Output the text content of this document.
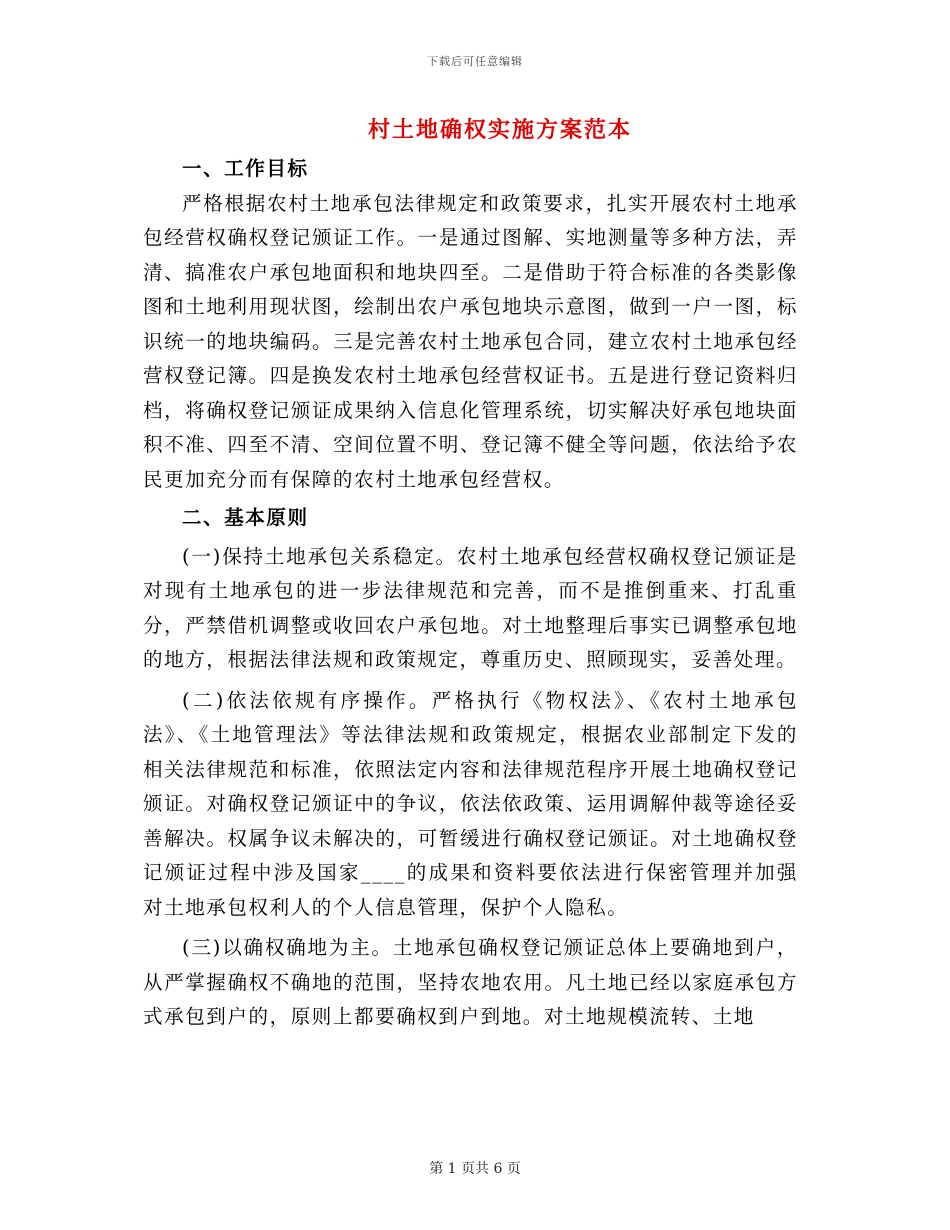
下载后可任意编辑
村土地确权实施方案范本
一、工作目标

严格根据农村土地承包法律规定和政策要求，扎实开展农村土地承包经营权确权登记颁证工作。一是通过图解、实地测量等多种方法，弄清、搞准农户承包地面积和地块四至。二是借助于符合标准的各类影像图和土地利用现状图，绘制出农户承包地块示意图，做到一户一图，标识统一的地块编码。三是完善农村土地承包合同，建立农村土地承包经营权登记簿。四是换发农村土地承包经营权证书。五是进行登记资料归档，将确权登记颁证成果纳入信息化管理系统，切实解决好承包地块面积不准、四至不清、空间位置不明、登记簿不健全等问题，依法给予农民更加充分而有保障的农村土地承包经营权。

二、基本原则

(一)保持土地承包关系稳定。农村土地承包经营权确权登记颁证是对现有土地承包的进一步法律规范和完善，而不是推倒重来、打乱重分，严禁借机调整或收回农户承包地。对土地整理后事实已调整承包地的地方，根据法律法规和政策规定，尊重历史、照顾现实，妥善处理。

(二)依法依规有序操作。严格执行《物权法》、《农村土地承包法》、《土地管理法》等法律法规和政策规定，根据农业部制定下发的相关法律规范和标准，依照法定内容和法律规范程序开展土地确权登记颁证。对确权登记颁证中的争议，依法依政策、运用调解仲裁等途径妥善解决。权属争议未解决的，可暂缓进行确权登记颁证。对土地确权登记颁证过程中涉及国家____的成果和资料要依法进行保密管理并加强对土地承包权利人的个人信息管理，保护个人隐私。

(三)以确权确地为主。土地承包确权登记颁证总体上要确地到户，从严掌握确权不确地的范围，坚持农地农用。凡土地已经以家庭承包方式承包到户的，原则上都要确权到户到地。对土地规模流转、土地

第 1 页共 6 页
